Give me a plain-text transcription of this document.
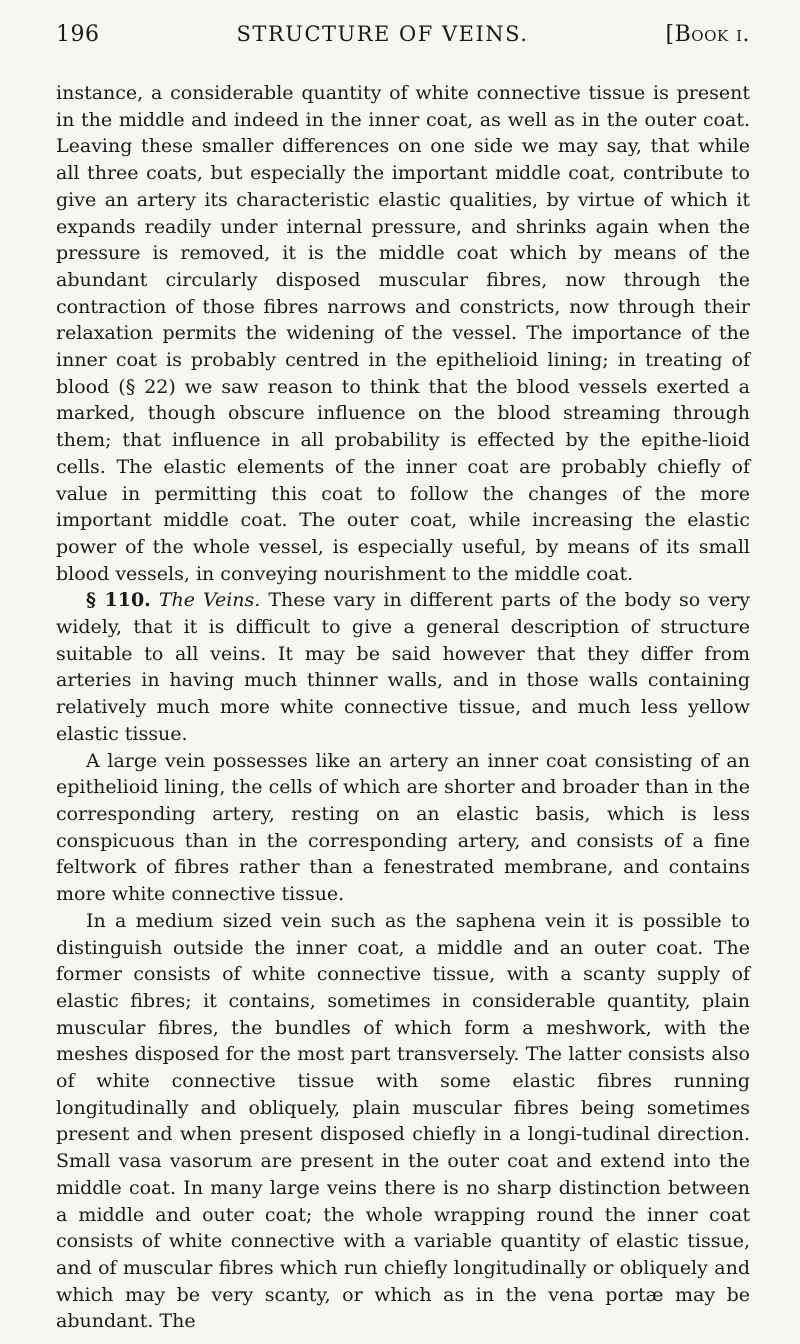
196	STRUCTURE OF VEINS.	[Book i.

instance, a considerable quantity of white connective tissue is present in the middle and indeed in the inner coat, as well as in the outer coat. Leaving these smaller differences on one side we may say, that while all three coats, but especially the important middle coat, contribute to give an artery its characteristic elastic qualities, by virtue of which it expands readily under internal pressure, and shrinks again when the pressure is removed, it is the middle coat which by means of the abundant circularly disposed muscular fibres, now through the contraction of those fibres narrows and constricts, now through their relaxation permits the widening of the vessel. The importance of the inner coat is probably centred in the epithelioid lining; in treating of blood (§ 22) we saw reason to think that the blood vessels exerted a marked, though obscure influence on the blood streaming through them; that influence in all probability is effected by the epithe-lioid cells. The elastic elements of the inner coat are probably chiefly of value in permitting this coat to follow the changes of the more important middle coat. The outer coat, while increasing the elastic power of the whole vessel, is especially useful, by means of its small blood vessels, in conveying nourishment to the middle coat.

§ 110. The Veins. These vary in different parts of the body so very widely, that it is difficult to give a general description of structure suitable to all veins. It may be said however that they differ from arteries in having much thinner walls, and in those walls containing relatively much more white connective tissue, and much less yellow elastic tissue.

A large vein possesses like an artery an inner coat consisting of an epithelioid lining, the cells of which are shorter and broader than in the corresponding artery, resting on an elastic basis, which is less conspicuous than in the corresponding artery, and consists of a fine feltwork of fibres rather than a fenestrated membrane, and contains more white connective tissue.

In a medium sized vein such as the saphena vein it is possible to distinguish outside the inner coat, a middle and an outer coat. The former consists of white connective tissue, with a scanty supply of elastic fibres; it contains, sometimes in considerable quantity, plain muscular fibres, the bundles of which form a meshwork, with the meshes disposed for the most part transversely. The latter consists also of white connective tissue with some elastic fibres running longitudinally and obliquely, plain muscular fibres being sometimes present and when present disposed chiefly in a longi-tudinal direction. Small vasa vasorum are present in the outer coat and extend into the middle coat. In many large veins there is no sharp distinction between a middle and outer coat; the whole wrapping round the inner coat consists of white connective with a variable quantity of elastic tissue, and of muscular fibres which run chiefly longitudinally or obliquely and which may be very scanty, or which as in the vena portæ may be abundant. The
